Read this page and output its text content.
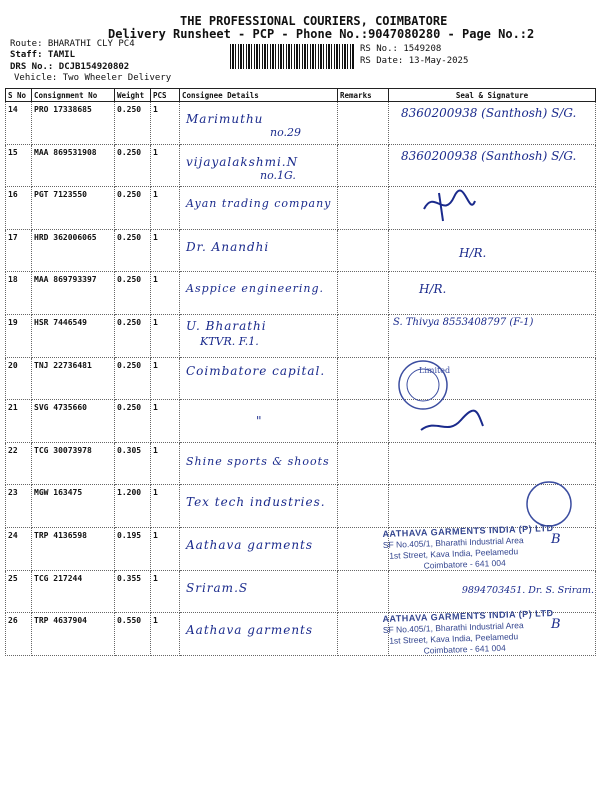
THE PROFESSIONAL COURIERS, COIMBATORE
Delivery Runsheet - PCP - Phone No.:9047080280 - Page No.:2
Route: BHARATHI CLY PC4
Staff: TAMIL
DRS No.: DCJB154920802
Vehicle: Two Wheeler Delivery
RS No.: 1549208
RS Date: 13-May-2025
S No	Consignment No	Weight	PCS	Consignee Details	Remarks	Seal & Signature
14	PRO 17338685	0.250	1	Marimuthu
no.29		8360200938 (Santhosh) S/G.

15	MAA 869531908	0.250	1	vijayalakshmi.N
no.1G.		8360200938 (Santhosh) S/G.

16	PGT 7123550	0.250	1	Ayan trading company

17	HRD 362006065	0.250	1	Dr. Anandhi		H/R.

18	MAA 869793397	0.250	1	Asppice engineering.		H/R.

19	HSR 7446549	0.250	1	U. Bharathi
KTVR. F.1.		S. Thivya 8553408797 (F-1)

20	TNJ 22736481	0.250	1	Coimbatore capital.		Limited

21	SVG 4735660	0.250	1	"

22	TCG 30073978	0.305	1	Shine sports & shoots		

23	MGW 163475	1.200	1	Tex tech industries.

24	TRP 4136598	0.195	1	Aathava garments		AATHAVA GARMENTS INDIA (P) LTD
SF No.405/1, Bharathi Industrial Area
1st Street, Kava India, Peelamedu
Coimbatore - 641 004
B

25	TCG 217244	0.355	1	Sriram.S		9894703451. Dr. S. Sriram.

26	TRP 4637904	0.550	1	Aathava garments		AATHAVA GARMENTS INDIA (P) LTD
SF No.405/1, Bharathi Industrial Area
1st Street, Kava India, Peelamedu
Coimbatore - 641 004
B
